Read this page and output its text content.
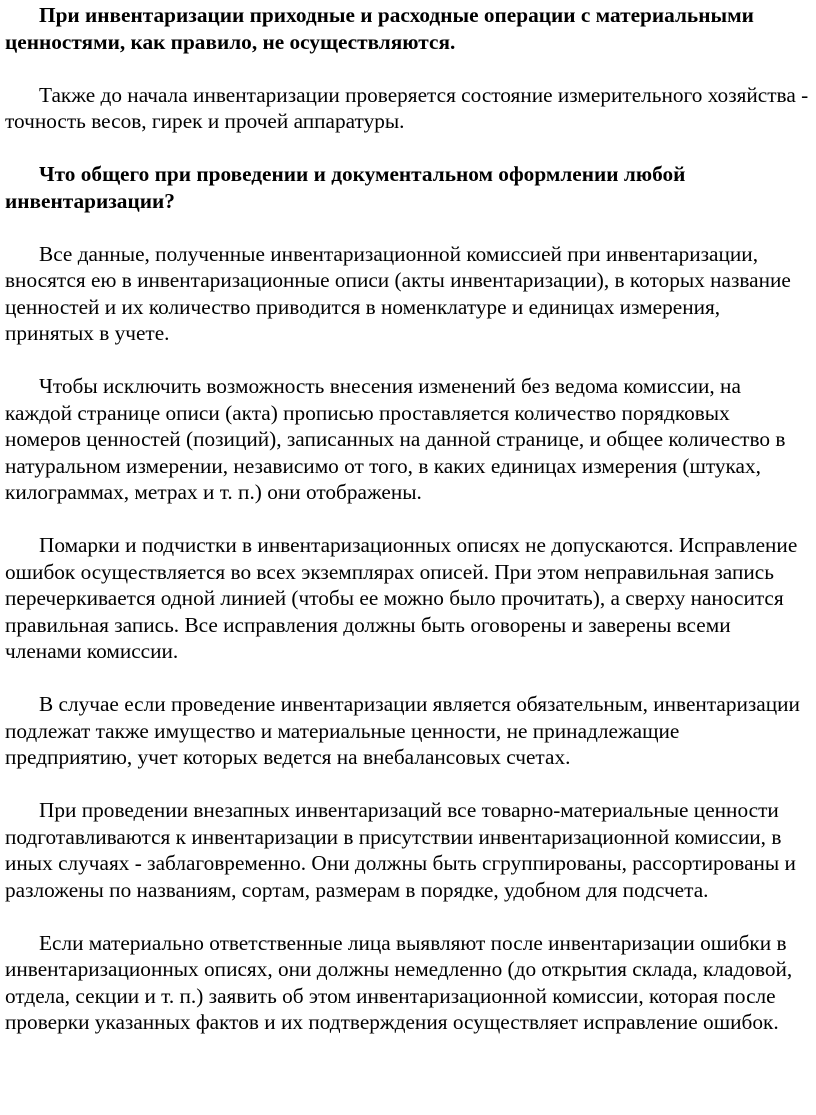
При инвентаризации приходные и расходные операции с материальными ценностями, как правило, не осуществляются.

Также до начала инвентаризации проверяется состояние измерительного хозяйства - точность весов, гирек и прочей аппаратуры.

Что общего при проведении и документальном оформлении любой инвентаризации?

Все данные, полученные инвентаризационной комиссией при инвентаризации, вносятся ею в инвентаризационные описи (акты инвентаризации), в которых название ценностей и их количество приводится в номенклатуре и единицах измерения, принятых в учете.

Чтобы исключить возможность внесения изменений без ведома комиссии, на каждой странице описи (акта) прописью проставляется количество порядковых номеров ценностей (позиций), записанных на данной странице, и общее количество в натуральном измерении, независимо от того, в каких единицах измерения (штуках, килограммах, метрах и т. п.) они отображены.

Помарки и подчистки в инвентаризационных описях не допускаются. Исправление ошибок осуществляется во всех экземплярах описей. При этом неправильная запись перечеркивается одной линией (чтобы ее можно было прочитать), а сверху наносится правильная запись. Все исправления должны быть оговорены и заверены всеми членами комиссии.

В случае если проведение инвентаризации является обязательным, инвентаризации подлежат также имущество и материальные ценности, не принадлежащие предприятию, учет которых ведется на внебалансовых счетах.

При проведении внезапных инвентаризаций все товарно-материальные ценности подготавливаются к инвентаризации в присутствии инвентаризационной комиссии, в иных случаях - заблаговременно. Они должны быть сгруппированы, рассортированы и разложены по названиям, сортам, размерам в порядке, удобном для подсчета.

Если материально ответственные лица выявляют после инвентаризации ошибки в инвентаризационных описях, они должны немедленно (до открытия склада, кладовой, отдела, секции и т. п.) заявить об этом инвентаризационной комиссии, которая после проверки указанных фактов и их подтверждения осуществляет исправление ошибок.
